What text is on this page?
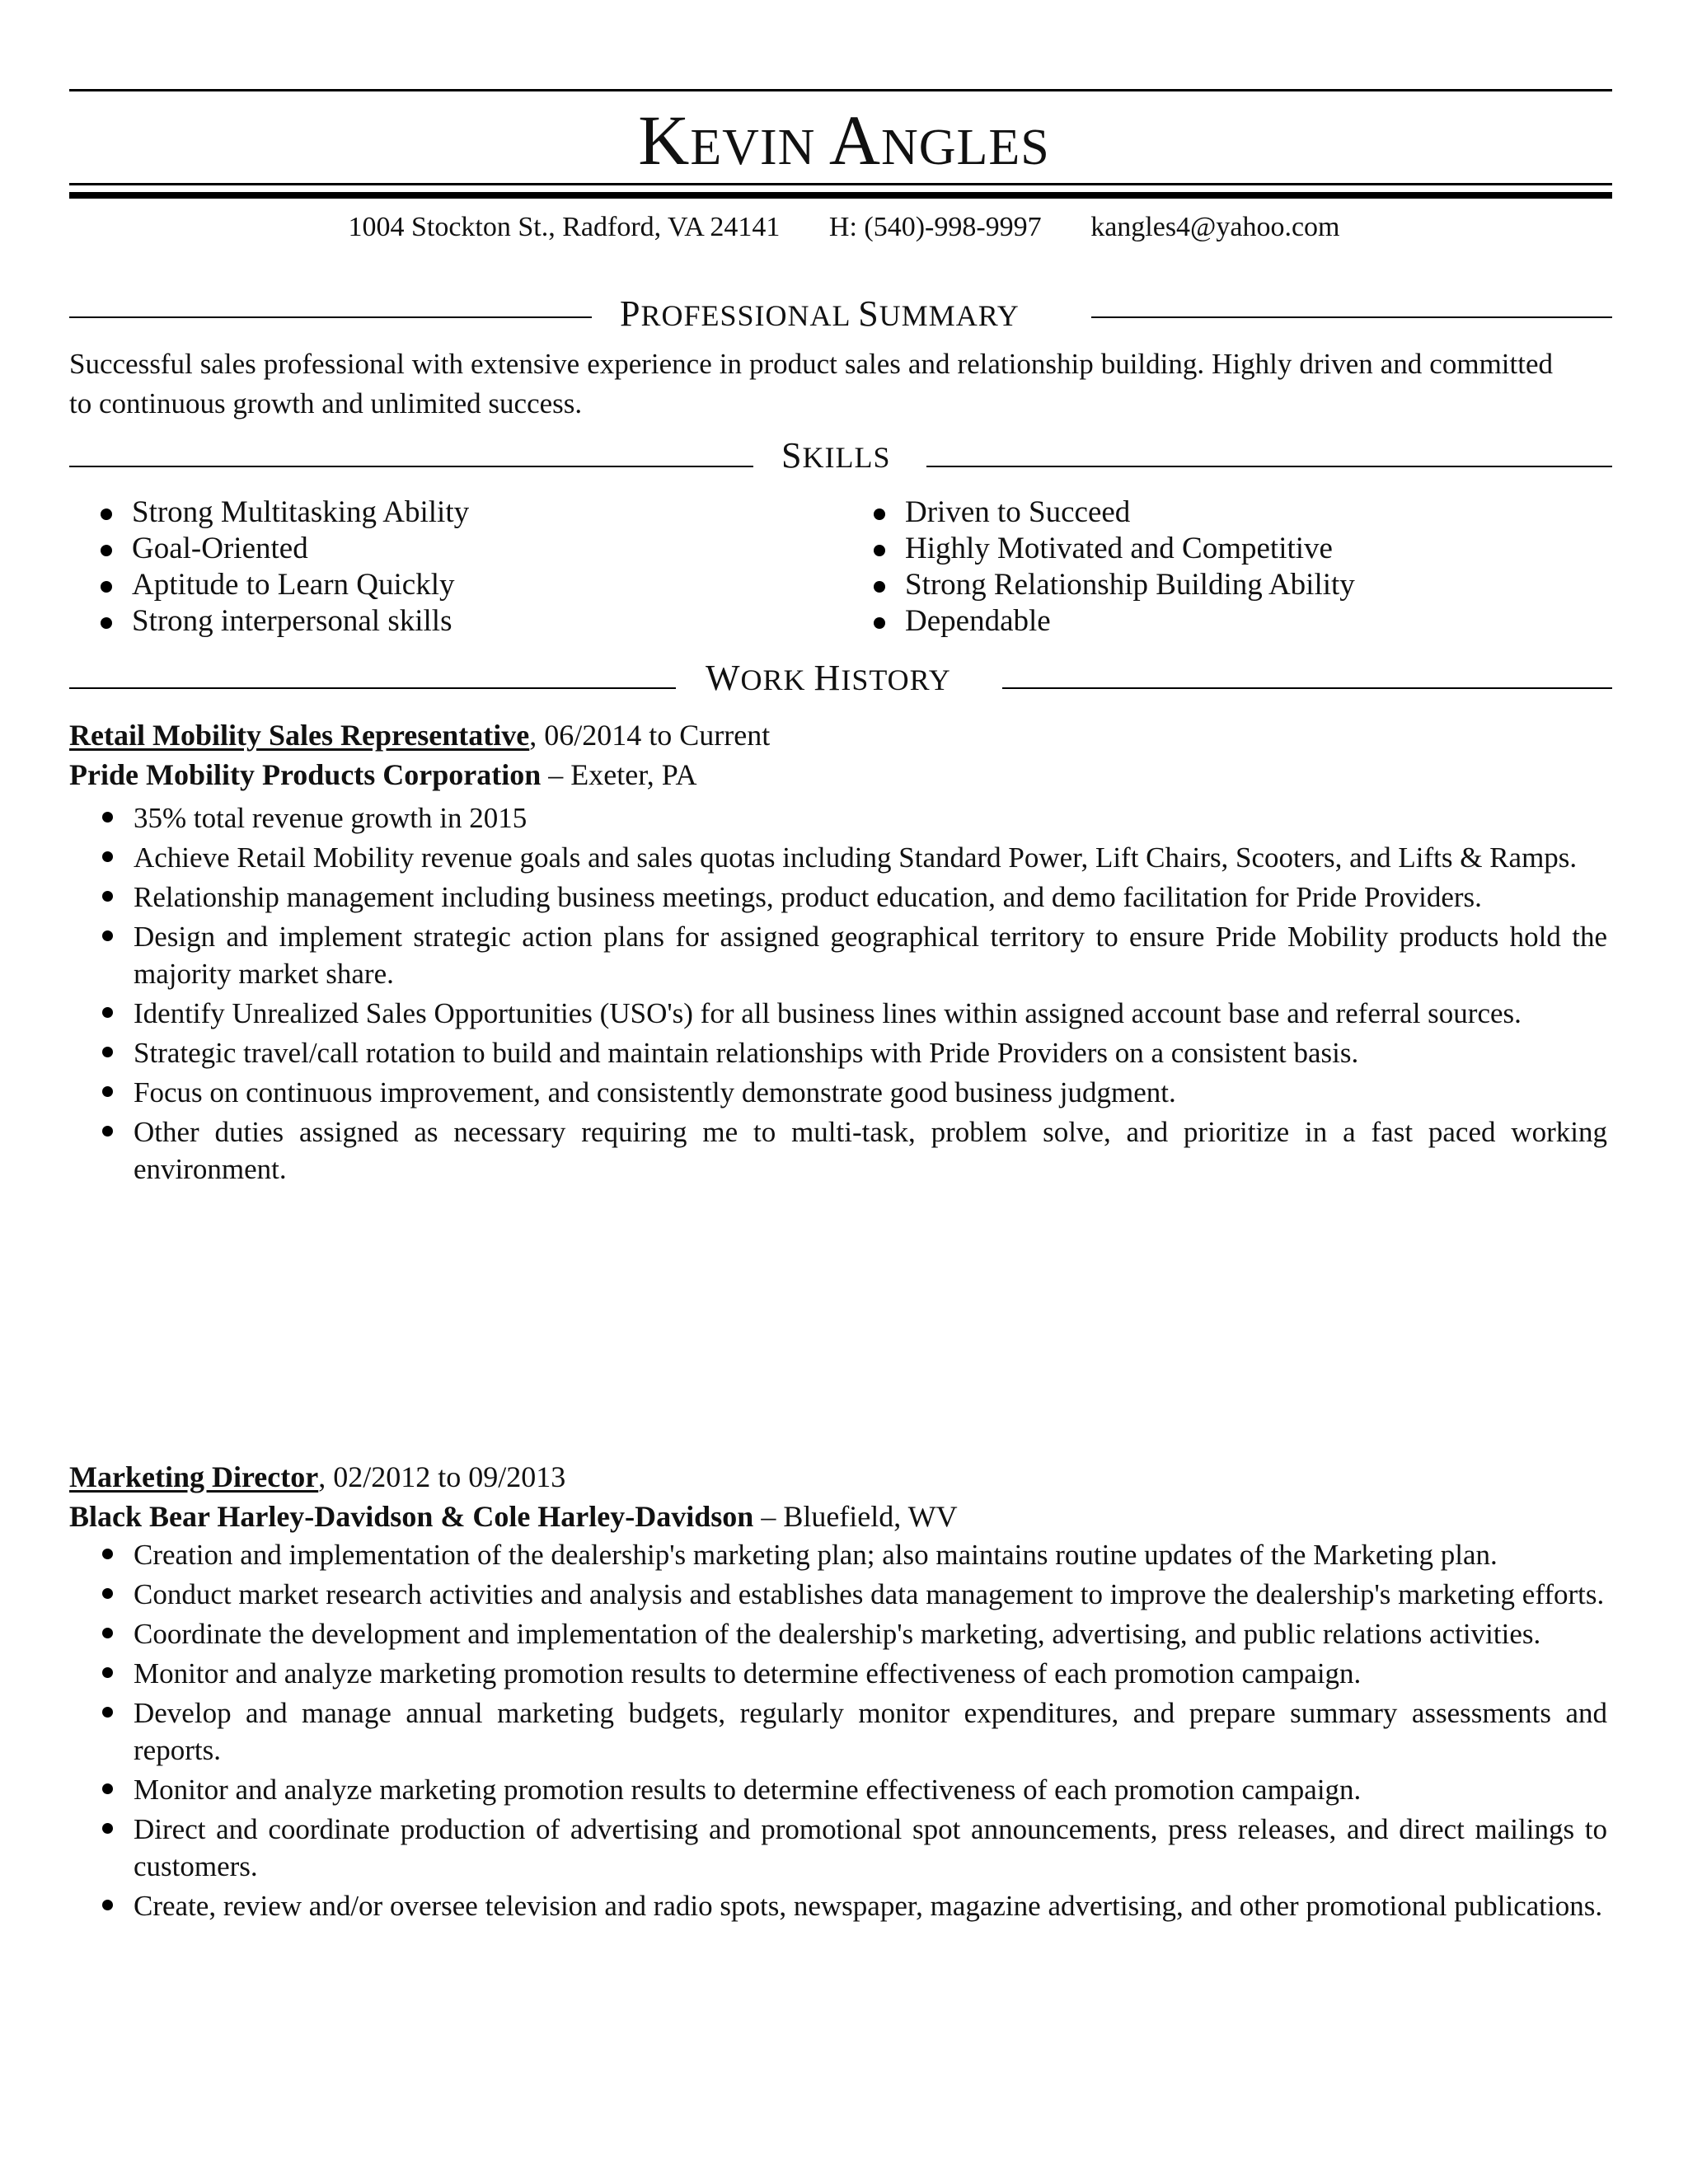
KEVIN ANGLES
1004 Stockton St., Radford, VA 24141 H: (540)-998-9997 kangles4@yahoo.com
PROFESSIONAL SUMMARY
Successful sales professional with extensive experience in product sales and relationship building. Highly driven and committed to continuous growth and unlimited success.
SKILLS
Strong Multitasking Ability
Goal-Oriented
Aptitude to Learn Quickly
Strong interpersonal skills
Driven to Succeed
Highly Motivated and Competitive
Strong Relationship Building Ability
Dependable
WORK HISTORY
Retail Mobility Sales Representative, 06/2014 to Current
Pride Mobility Products Corporation – Exeter, PA
35% total revenue growth in 2015
Achieve Retail Mobility revenue goals and sales quotas including Standard Power, Lift Chairs, Scooters, and Lifts & Ramps.
Relationship management including business meetings, product education, and demo facilitation for Pride Providers.
Design and implement strategic action plans for assigned geographical territory to ensure Pride Mobility products hold the majority market share.
Identify Unrealized Sales Opportunities (USO's) for all business lines within assigned account base and referral sources.
Strategic travel/call rotation to build and maintain relationships with Pride Providers on a consistent basis.
Focus on continuous improvement, and consistently demonstrate good business judgment.
Other duties assigned as necessary requiring me to multi-task, problem solve, and prioritize in a fast paced working environment.
Marketing Director, 02/2012 to 09/2013
Black Bear Harley-Davidson & Cole Harley-Davidson – Bluefield, WV
Creation and implementation of the dealership's marketing plan; also maintains routine updates of the Marketing plan.
Conduct market research activities and analysis and establishes data management to improve the dealership's marketing efforts.
Coordinate the development and implementation of the dealership's marketing, advertising, and public relations activities.
Monitor and analyze marketing promotion results to determine effectiveness of each promotion campaign.
Develop and manage annual marketing budgets, regularly monitor expenditures, and prepare summary assessments and reports.
Monitor and analyze marketing promotion results to determine effectiveness of each promotion campaign.
Direct and coordinate production of advertising and promotional spot announcements, press releases, and direct mailings to customers.
Create, review and/or oversee television and radio spots, newspaper, magazine advertising, and other promotional publications.
